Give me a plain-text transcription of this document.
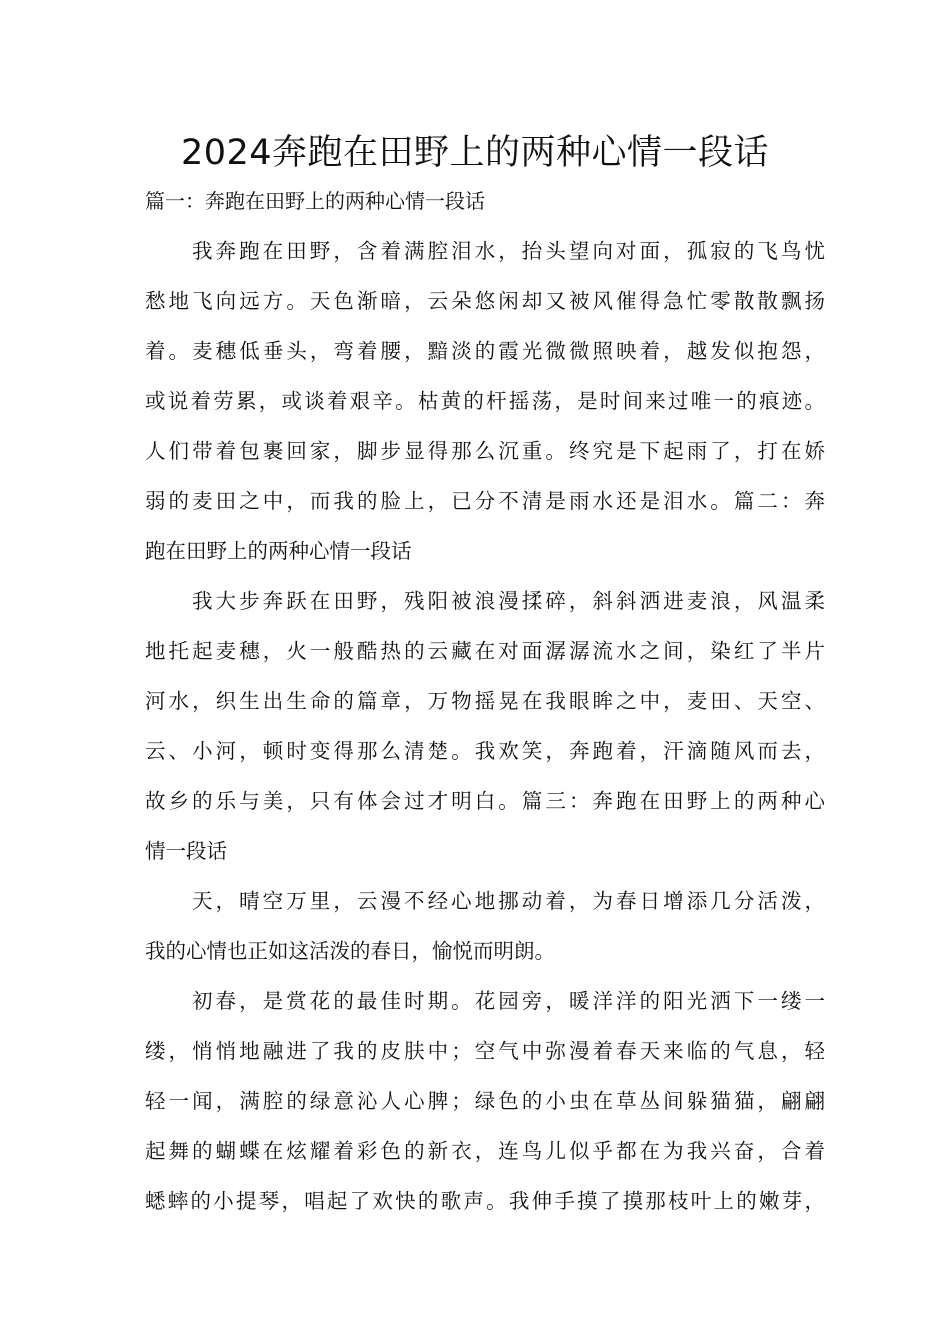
2024奔跑在田野上的两种心情一段话

篇一：奔跑在田野上的两种心情一段话

我奔跑在田野，含着满腔泪水，抬头望向对面，孤寂的飞鸟忧

愁地飞向远方。天色渐暗，云朵悠闲却又被风催得急忙零散散飘扬

着。麦穗低垂头，弯着腰，黯淡的霞光微微照映着，越发似抱怨，

或说着劳累，或谈着艰辛。枯黄的杆摇荡，是时间来过唯一的痕迹。

人们带着包裹回家，脚步显得那么沉重。终究是下起雨了，打在娇

弱的麦田之中，而我的脸上，已分不清是雨水还是泪水。篇二：奔

跑在田野上的两种心情一段话

我大步奔跃在田野，残阳被浪漫揉碎，斜斜洒进麦浪，风温柔

地托起麦穗，火一般酷热的云藏在对面潺潺流水之间，染红了半片

河水，织生出生命的篇章，万物摇晃在我眼眸之中，麦田、天空、

云、小河，顿时变得那么清楚。我欢笑，奔跑着，汗滴随风而去，

故乡的乐与美，只有体会过才明白。篇三：奔跑在田野上的两种心

情一段话

天，晴空万里，云漫不经心地挪动着，为春日增添几分活泼，

我的心情也正如这活泼的春日，愉悦而明朗。

初春，是赏花的最佳时期。花园旁，暖洋洋的阳光洒下一缕一

缕，悄悄地融进了我的皮肤中；空气中弥漫着春天来临的气息，轻

轻一闻，满腔的绿意沁人心脾；绿色的小虫在草丛间躲猫猫，翩翩

起舞的蝴蝶在炫耀着彩色的新衣，连鸟儿似乎都在为我兴奋，合着

蟋蟀的小提琴，唱起了欢快的歌声。我伸手摸了摸那枝叶上的嫩芽，
